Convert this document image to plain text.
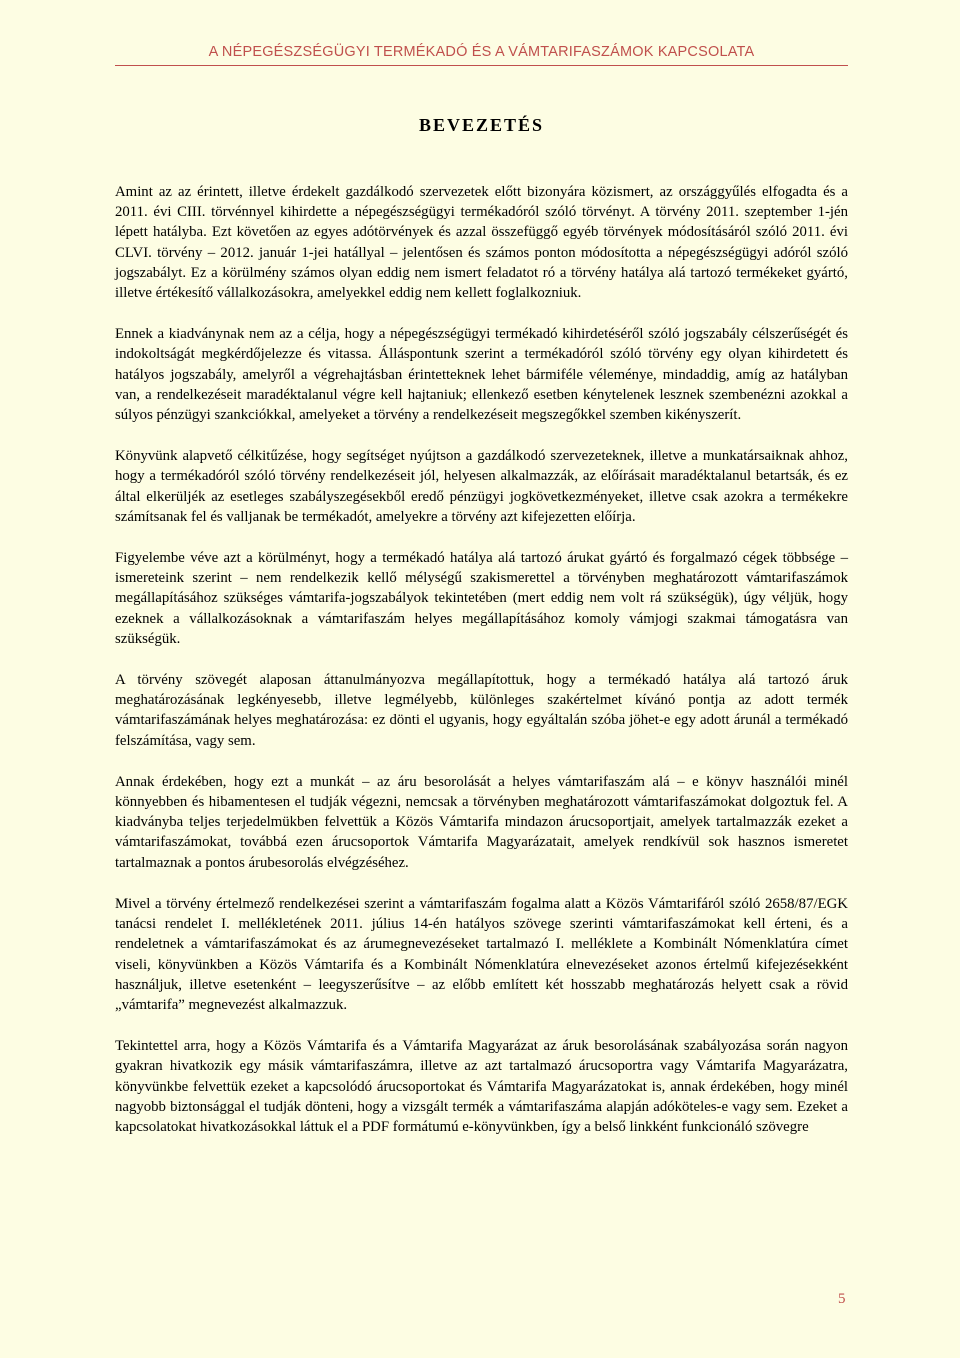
A NÉPEGÉSZSÉGÜGYI TERMÉKADÓ ÉS A VÁMTARIFASZÁMOK KAPCSOLATA
BEVEZETÉS

Amint az az érintett, illetve érdekelt gazdálkodó szervezetek előtt bizonyára közismert, az országgyűlés elfogadta és a 2011. évi CIII. törvénnyel kihirdette a népegészségügyi termékadóról szóló törvényt. A törvény 2011. szeptember 1-jén lépett hatályba. Ezt követően az egyes adótörvények és azzal összefüggő egyéb törvények módosításáról szóló 2011. évi CLVI. törvény – 2012. január 1-jei hatállyal – jelentősen és számos ponton módosította a népegészségügyi adóról szóló jogszabályt. Ez a körülmény számos olyan eddig nem ismert feladatot ró a törvény hatálya alá tartozó termékeket gyártó, illetve értékesítő vállalkozásokra, amelyekkel eddig nem kellett foglalkozniuk.

Ennek a kiadványnak nem az a célja, hogy a népegészségügyi termékadó kihirdetéséről szóló jogszabály célszerűségét és indokoltságát megkérdőjelezze és vitassa. Álláspontunk szerint a termékadóról szóló törvény egy olyan kihirdetett és hatályos jogszabály, amelyről a végrehajtásban érintetteknek lehet bármiféle véleménye, mindaddig, amíg az hatályban van, a rendelkezéseit maradéktalanul végre kell hajtaniuk; ellenkező esetben kénytelenek lesznek szembenézni azokkal a súlyos pénzügyi szankciókkal, amelyeket a törvény a rendelkezéseit megszegőkkel szemben kikényszerít.

Könyvünk alapvető célkitűzése, hogy segítséget nyújtson a gazdálkodó szervezeteknek, illetve a munkatársaiknak ahhoz, hogy a termékadóról szóló törvény rendelkezéseit jól, helyesen alkalmazzák, az előírásait maradéktalanul betartsák, és ez által elkerüljék az esetleges szabályszegésekből eredő pénzügyi jogkövetkezményeket, illetve csak azokra a termékekre számítsanak fel és valljanak be termékadót, amelyekre a törvény azt kifejezetten előírja.

Figyelembe véve azt a körülményt, hogy a termékadó hatálya alá tartozó árukat gyártó és forgalmazó cégek többsége – ismereteink szerint – nem rendelkezik kellő mélységű szakismerettel a törvényben meghatározott vámtarifaszámok megállapításához szükséges vámtarifa-jogszabályok tekintetében (mert eddig nem volt rá szükségük), úgy véljük, hogy ezeknek a vállalkozásoknak a vámtarifaszám helyes megállapításához komoly vámjogi szakmai támogatásra van szükségük.

A törvény szövegét alaposan áttanulmányozva megállapítottuk, hogy a termékadó hatálya alá tartozó áruk meghatározásának legkényesebb, illetve legmélyebb, különleges szakértelmet kívánó pontja az adott termék vámtarifaszámának helyes meghatározása: ez dönti el ugyanis, hogy egyáltalán szóba jöhet-e egy adott árunál a termékadó felszámítása, vagy sem.

Annak érdekében, hogy ezt a munkát – az áru besorolását a helyes vámtarifaszám alá – e könyv használói minél könnyebben és hibamentesen el tudják végezni, nemcsak a törvényben meghatározott vámtarifaszámokat dolgoztuk fel. A kiadványba teljes terjedelmükben felvettük a Közös Vámtarifa mindazon árucsoportjait, amelyek tartalmazzák ezeket a vámtarifaszámokat, továbbá ezen árucsoportok Vámtarifa Magyarázatait, amelyek rendkívül sok hasznos ismeretet tartalmaznak a pontos árubesorolás elvégzéséhez.

Mivel a törvény értelmező rendelkezései szerint a vámtarifaszám fogalma alatt a Közös Vámtarifáról szóló 2658/87/EGK tanácsi rendelet I. mellékletének 2011. július 14-én hatályos szövege szerinti vámtarifaszámokat kell érteni, és a rendeletnek a vámtarifaszámokat és az árumegnevezéseket tartalmazó I. melléklete a Kombinált Nómenklatúra címet viseli, könyvünkben a Közös Vámtarifa és a Kombinált Nómenklatúra elnevezéseket azonos értelmű kifejezésekként használjuk, illetve esetenként – leegyszerűsítve – az előbb említett két hosszabb meghatározás helyett csak a rövid „vámtarifa” megnevezést alkalmazzuk.

Tekintettel arra, hogy a Közös Vámtarifa és a Vámtarifa Magyarázat az áruk besorolásának szabályozása során nagyon gyakran hivatkozik egy másik vámtarifaszámra, illetve az azt tartalmazó árucsoportra vagy Vámtarifa Magyarázatra, könyvünkbe felvettük ezeket a kapcsolódó árucsoportokat és Vámtarifa Magyarázatokat is, annak érdekében, hogy minél nagyobb biztonsággal el tudják dönteni, hogy a vizsgált termék a vámtarifaszáma alapján adóköteles-e vagy sem. Ezeket a kapcsolatokat hivatkozásokkal láttuk el a PDF formátumú e-könyvünkben, így a belső linkként funkcionáló szövegre

5
